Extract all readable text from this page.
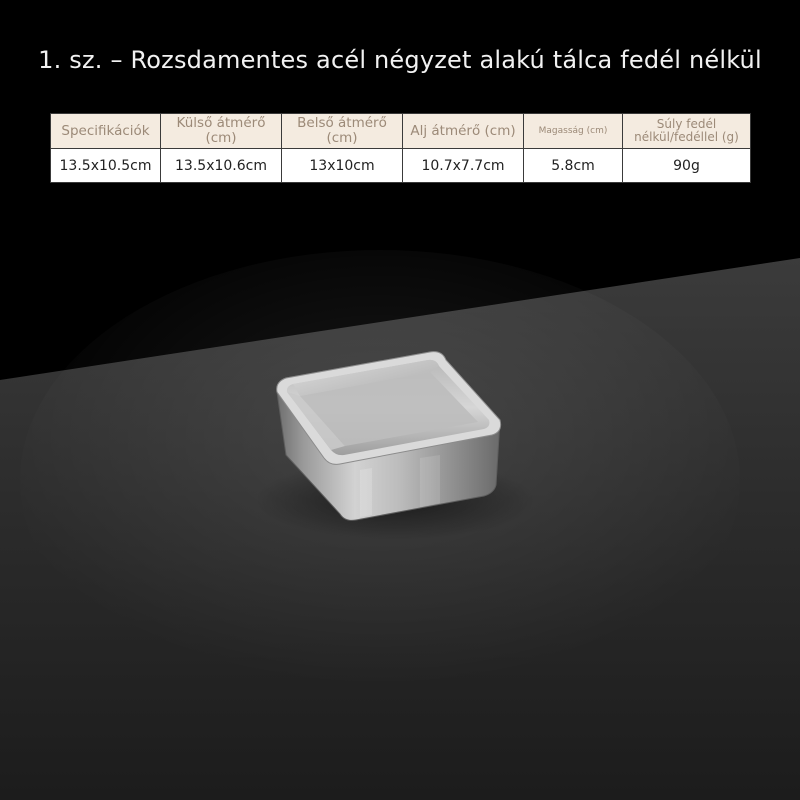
1. sz. – Rozsdamentes acél négyzet alakú tálca fedél nélkül
Specifikációk	Külső átmérő (cm)	Belső átmérő (cm)	Alj átmérő (cm)	Magasság (cm)	Súly fedél nélkül/fedéllel (g)
13.5x10.5cm	13.5x10.6cm	13x10cm	10.7x7.7cm	5.8cm	90g
